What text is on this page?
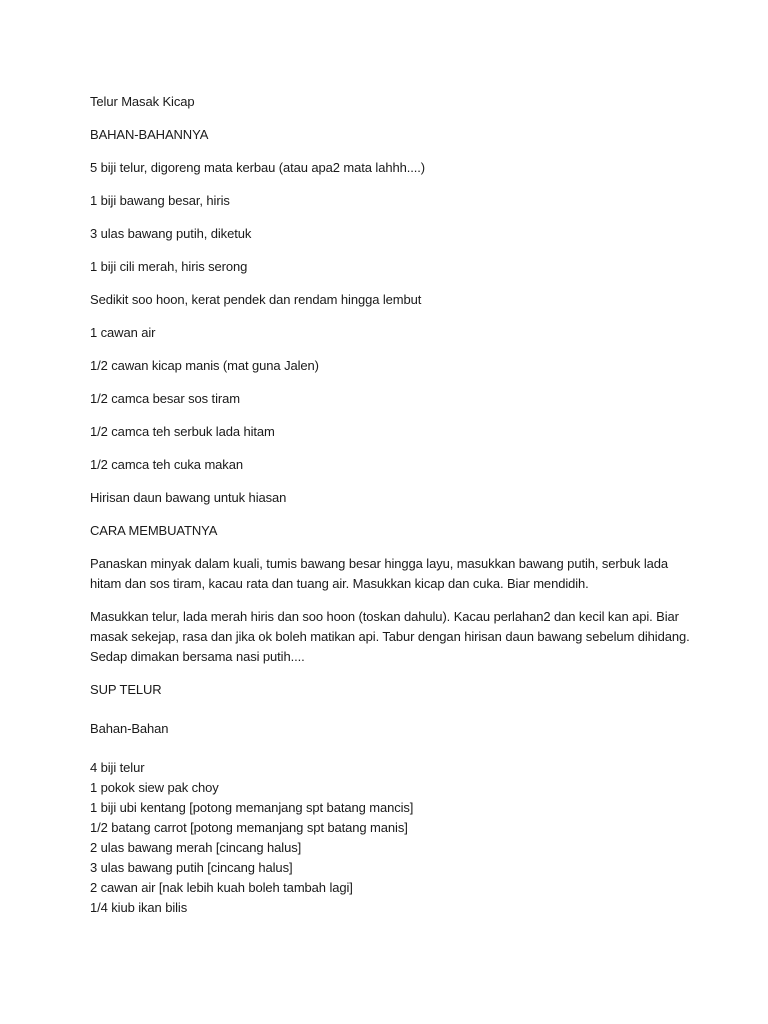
Telur Masak Kicap

BAHAN-BAHANNYA

5 biji telur, digoreng mata kerbau (atau apa2 mata lahhh....)

1 biji bawang besar, hiris

3 ulas bawang putih, diketuk

1 biji cili merah, hiris serong

Sedikit soo hoon, kerat pendek dan rendam hingga lembut

1 cawan air

1/2 cawan kicap manis (mat guna Jalen)

1/2 camca besar sos tiram

1/2 camca teh serbuk lada hitam

1/2 camca teh cuka makan

Hirisan daun bawang untuk hiasan

CARA MEMBUATNYA

Panaskan minyak dalam kuali, tumis bawang besar hingga layu, masukkan bawang putih, serbuk lada hitam dan sos tiram, kacau rata dan tuang air. Masukkan kicap dan cuka. Biar mendidih.

Masukkan telur, lada merah hiris dan soo hoon (toskan dahulu). Kacau perlahan2 dan kecil kan api. Biar masak sekejap, rasa dan jika ok boleh matikan api. Tabur dengan hirisan daun bawang sebelum dihidang. Sedap dimakan bersama nasi putih....

SUP TELUR

Bahan-Bahan

4 biji telur
1 pokok siew pak choy
1 biji ubi kentang [potong memanjang spt batang mancis]
1/2 batang carrot [potong memanjang spt batang manis]
2 ulas bawang merah [cincang halus]
3 ulas bawang putih [cincang halus]
2 cawan air [nak lebih kuah boleh tambah lagi]
1/4 kiub ikan bilis
